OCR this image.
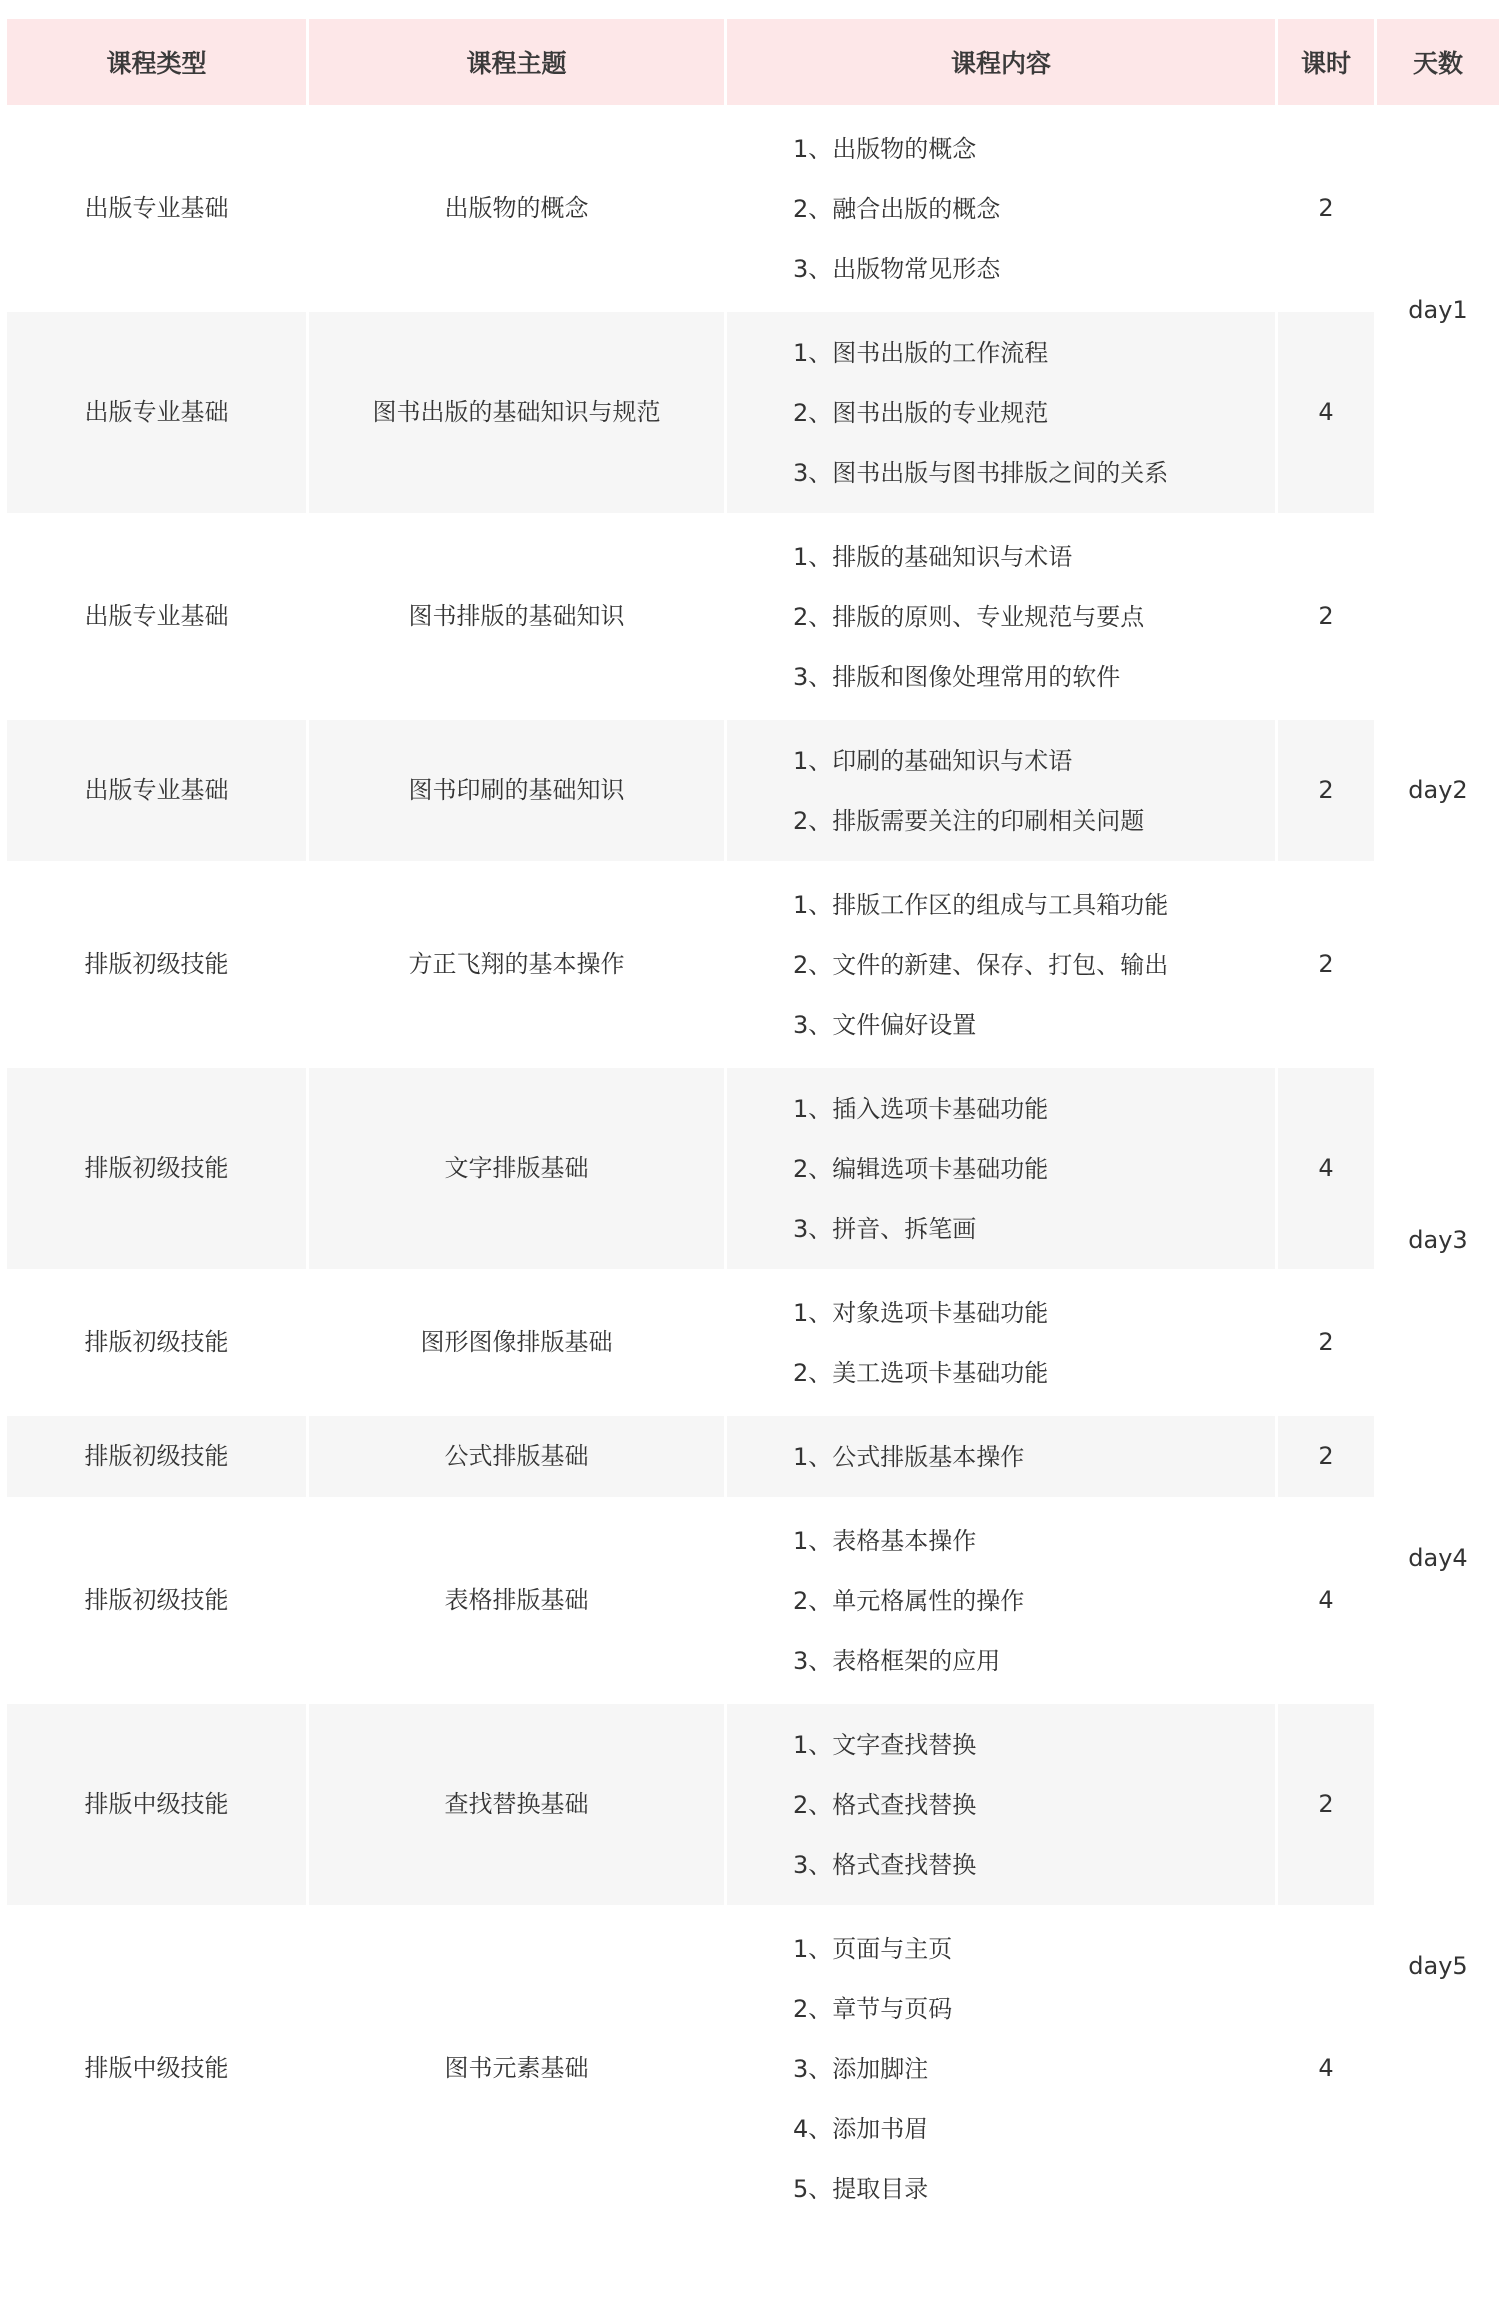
课程类型	课程主题	课程内容	课时	天数
出版专业基础	出版物的概念	1、出版物的概念
2、融合出版的概念
3、出版物常见形态	2	day1
出版专业基础	图书出版的基础知识与规范	1、图书出版的工作流程
2、图书出版的专业规范
3、图书出版与图书排版之间的关系	4	
出版专业基础	图书排版的基础知识	1、排版的基础知识与术语
2、排版的原则、专业规范与要点
3、排版和图像处理常用的软件	2	day2
出版专业基础	图书印刷的基础知识	1、印刷的基础知识与术语
2、排版需要关注的印刷相关问题	2	
排版初级技能	方正飞翔的基本操作	1、排版工作区的组成与工具箱功能
2、文件的新建、保存、打包、输出
3、文件偏好设置	2	
排版初级技能	文字排版基础	1、插入选项卡基础功能
2、编辑选项卡基础功能
3、拼音、拆笔画	4	day3
排版初级技能	图形图像排版基础	1、对象选项卡基础功能
2、美工选项卡基础功能	2	
排版初级技能	公式排版基础	1、公式排版基本操作	2	day4
排版初级技能	表格排版基础	1、表格基本操作
2、单元格属性的操作
3、表格框架的应用	4	
排版中级技能	查找替换基础	1、文字查找替换
2、格式查找替换
3、格式查找替换	2	day5
排版中级技能	图书元素基础	1、页面与主页
2、章节与页码
3、添加脚注
4、添加书眉
5、提取目录	4	
